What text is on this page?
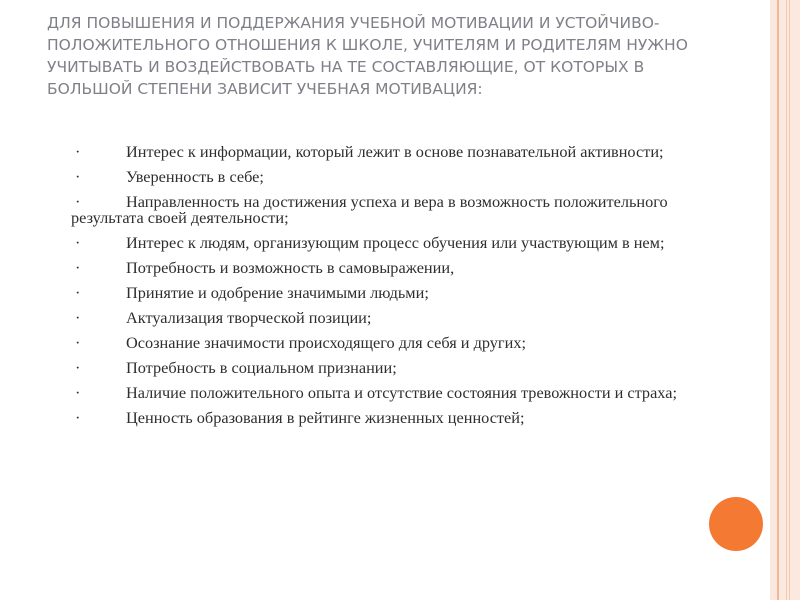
ДЛЯ ПОВЫШЕНИЯ И ПОДДЕРЖАНИЯ УЧЕБНОЙ МОТИВАЦИИ И УСТОЙЧИВО-ПОЛОЖИТЕЛЬНОГО ОТНОШЕНИЯ К ШКОЛЕ, УЧИТЕЛЯМ И РОДИТЕЛЯМ НУЖНО УЧИТЫВАТЬ И ВОЗДЕЙСТВОВАТЬ НА ТЕ СОСТАВЛЯЮЩИЕ, ОТ КОТОРЫХ В БОЛЬШОЙ СТЕПЕНИ ЗАВИСИТ УЧЕБНАЯ МОТИВАЦИЯ:
·	Интерес к информации, который лежит в основе познавательной активности;
·	Уверенность в себе;
·	Направленность на достижения успеха и вера в возможность положительного результата своей деятельности;
·	Интерес к людям, организующим процесс обучения или участвующим в нем;
·	Потребность и возможность в самовыражении,
·	Принятие и одобрение значимыми людьми;
·	Актуализация творческой позиции;
·	Осознание значимости происходящего для себя и других;
·	Потребность в социальном признании;
·	Наличие положительного опыта и отсутствие состояния тревожности и страха;
·	Ценность образования в рейтинге жизненных ценностей;
